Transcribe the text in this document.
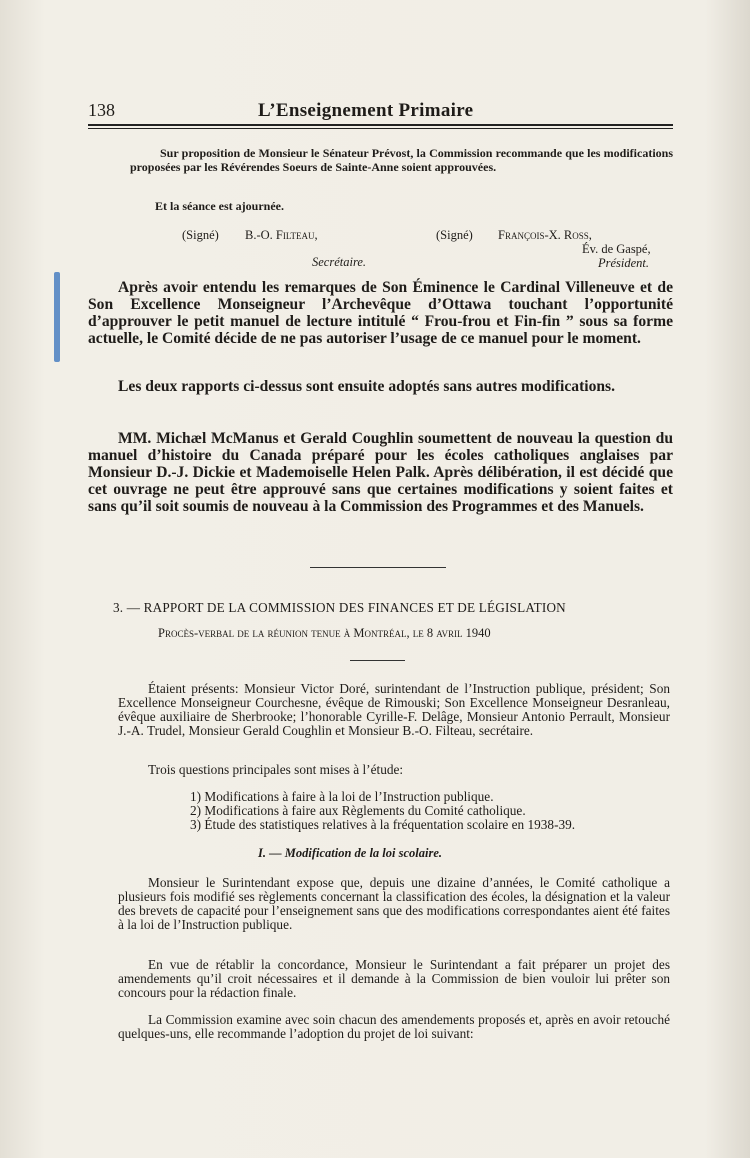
138	L’Enseignement Primaire

Sur proposition de Monsieur le Sénateur Prévost, la Commission recommande que les modifications proposées par les Révérendes Soeurs de Sainte-Anne soient approuvées.

Et la séance est ajournée.

(Signé) B.-O. Filteau,
Secrétaire.
(Signé) François-X. Ross,
Év. de Gaspé,
Président.

Après avoir entendu les remarques de Son Éminence le Cardinal Villeneuve et de Son Excellence Monseigneur l’Archevêque d’Ottawa touchant l’opportunité d’approuver le petit manuel de lecture intitulé “ Frou-frou et Fin-fin ” sous sa forme actuelle, le Comité décide de ne pas autoriser l’usage de ce manuel pour le moment.

Les deux rapports ci-dessus sont ensuite adoptés sans autres modifications.

MM. Michæl McManus et Gerald Coughlin soumettent de nouveau la question du manuel d’histoire du Canada préparé pour les écoles catholiques anglaises par Monsieur D.-J. Dickie et Mademoiselle Helen Palk. Après délibération, il est décidé que cet ouvrage ne peut être approuvé sans que certaines modifications y soient faites et sans qu’il soit soumis de nouveau à la Commission des Programmes et des Manuels.

3. — RAPPORT DE LA COMMISSION DES FINANCES ET DE LÉGISLATION

Procès-verbal de la réunion tenue à Montréal, le 8 avril 1940

Étaient présents: Monsieur Victor Doré, surintendant de l’Instruction publique, président; Son Excellence Monseigneur Courchesne, évêque de Rimouski; Son Excellence Monseigneur Desranleau, évêque auxiliaire de Sherbrooke; l’honorable Cyrille-F. Delâge, Monsieur Antonio Perrault, Monsieur J.-A. Trudel, Monsieur Gerald Coughlin et Monsieur B.-O. Filteau, secrétaire.

Trois questions principales sont mises à l’étude:

1) Modifications à faire à la loi de l’Instruction publique.
2) Modifications à faire aux Règlements du Comité catholique.
3) Étude des statistiques relatives à la fréquentation scolaire en 1938-39.

I. — Modification de la loi scolaire.

Monsieur le Surintendant expose que, depuis une dizaine d’années, le Comité catholique a plusieurs fois modifié ses règlements concernant la classification des écoles, la désignation et la valeur des brevets de capacité pour l’enseignement sans que des modifications correspondantes aient été faites à la loi de l’Instruction publique.

En vue de rétablir la concordance, Monsieur le Surintendant a fait préparer un projet des amendements qu’il croit nécessaires et il demande à la Commission de bien vouloir lui prêter son concours pour la rédaction finale.

La Commission examine avec soin chacun des amendements proposés et, après en avoir retouché quelques-uns, elle recommande l’adoption du projet de loi suivant:
